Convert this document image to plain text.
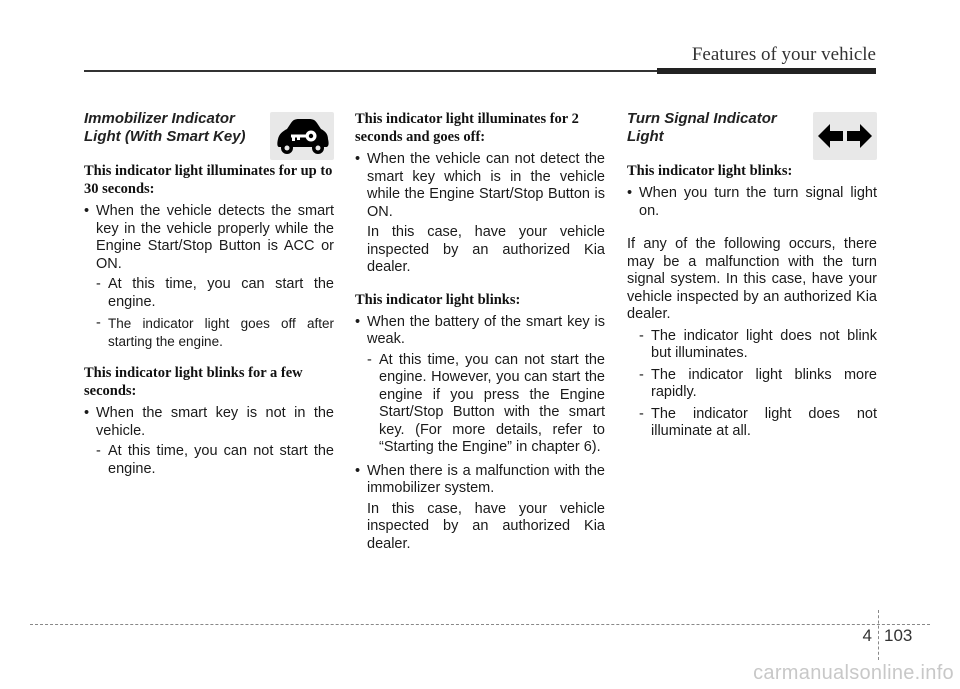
Features of your vehicle
Immobilizer Indicator
Light (With Smart Key)

This indicator light illuminates for up to 30 seconds:

• When the vehicle detects the smart key in the vehicle properly while the Engine Start/Stop Button is ACC or ON.
- At this time, you can start the engine.
- The indicator light goes off after starting the engine.

This indicator light blinks for a few seconds:

• When the smart key is not in the vehicle.
- At this time, you can not start the engine.

This indicator light illuminates for 2 seconds and goes off:

• When the vehicle can not detect the smart key which is in the vehicle while the Engine Start/Stop Button is ON.

In this case, have your vehicle inspected by an authorized Kia dealer.

This indicator light blinks:

• When the battery of the smart key is weak.
- At this time, you can not start the engine. However, you can start the engine if you press the Engine Start/Stop Button with the smart key. (For more details, refer to “Starting the Engine” in chapter 6).
• When there is a malfunction with the immobilizer system.

In this case, have your vehicle inspected by an authorized Kia dealer.

Turn Signal Indicator
Light

This indicator light blinks:

• When you turn the turn signal light on.

If any of the following occurs, there may be a malfunction with the turn signal system. In this case, have your vehicle inspected by an authorized Kia dealer.

- The indicator light does not blink but illuminates.
- The indicator light blinks more rapidly.
- The indicator light does not illuminate at all.
4 103
carmanualsonline.info
